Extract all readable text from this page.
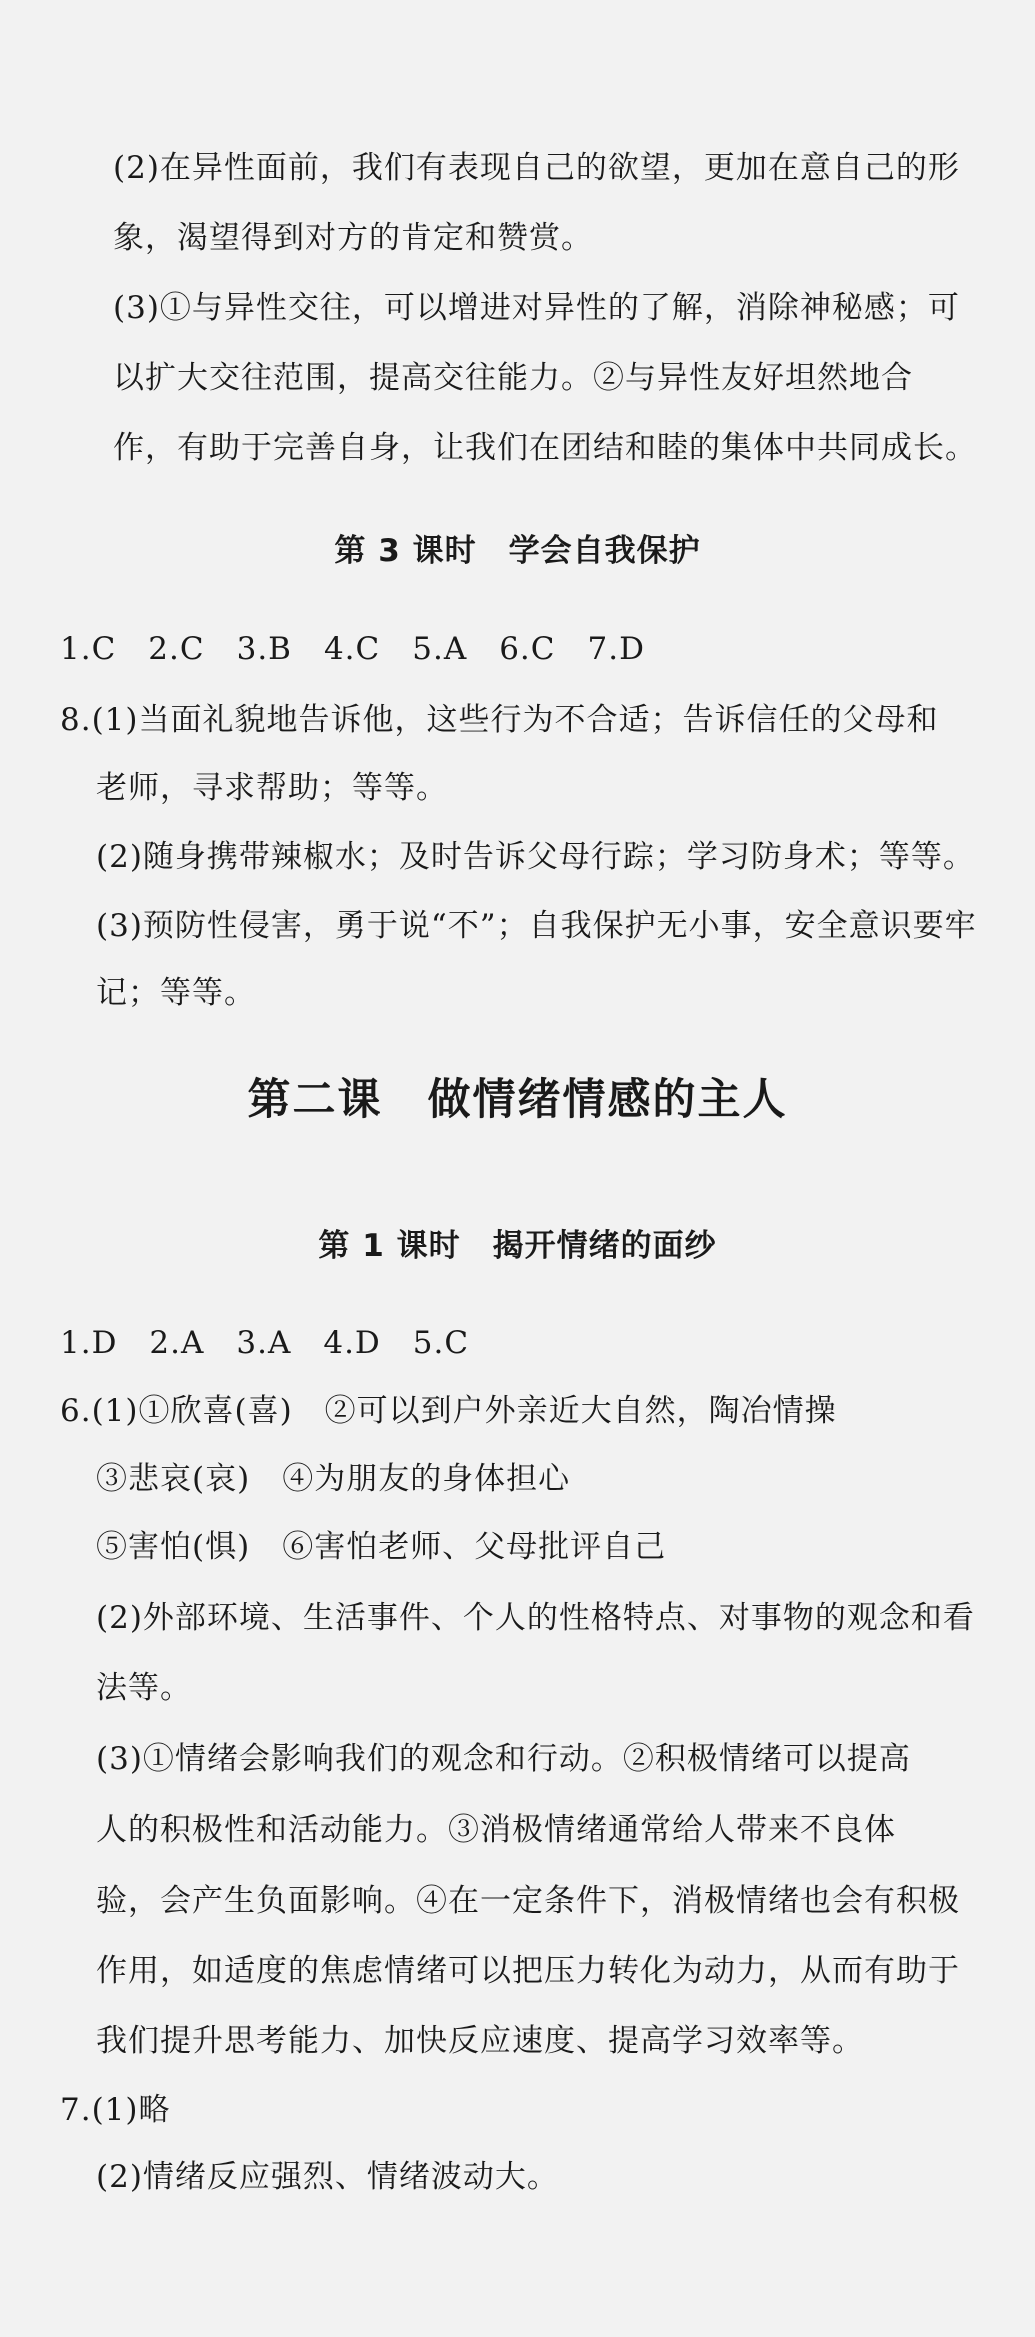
(2)在异性面前，我们有表现自己的欲望，更加在意自己的形
象，渴望得到对方的肯定和赞赏。
(3)①与异性交往，可以增进对异性的了解，消除神秘感；可
以扩大交往范围，提高交往能力。②与异性友好坦然地合
作，有助于完善自身，让我们在团结和睦的集体中共同成长。
第 3 课时　学会自我保护
1.C　2.C　3.B　4.C　5.A　6.C　7.D
8.(1)当面礼貌地告诉他，这些行为不合适；告诉信任的父母和
老师，寻求帮助；等等。
(2)随身携带辣椒水；及时告诉父母行踪；学习防身术；等等。
(3)预防性侵害，勇于说“不”；自我保护无小事，安全意识要牢
记；等等。
第二课　做情绪情感的主人
第 1 课时　揭开情绪的面纱
1.D　2.A　3.A　4.D　5.C
6.(1)①欣喜(喜)　②可以到户外亲近大自然，陶冶情操
③悲哀(哀)　④为朋友的身体担心
⑤害怕(惧)　⑥害怕老师、父母批评自己
(2)外部环境、生活事件、个人的性格特点、对事物的观念和看
法等。
(3)①情绪会影响我们的观念和行动。②积极情绪可以提高
人的积极性和活动能力。③消极情绪通常给人带来不良体
验，会产生负面影响。④在一定条件下，消极情绪也会有积极
作用，如适度的焦虑情绪可以把压力转化为动力，从而有助于
我们提升思考能力、加快反应速度、提高学习效率等。
7.(1)略
(2)情绪反应强烈、情绪波动大。
